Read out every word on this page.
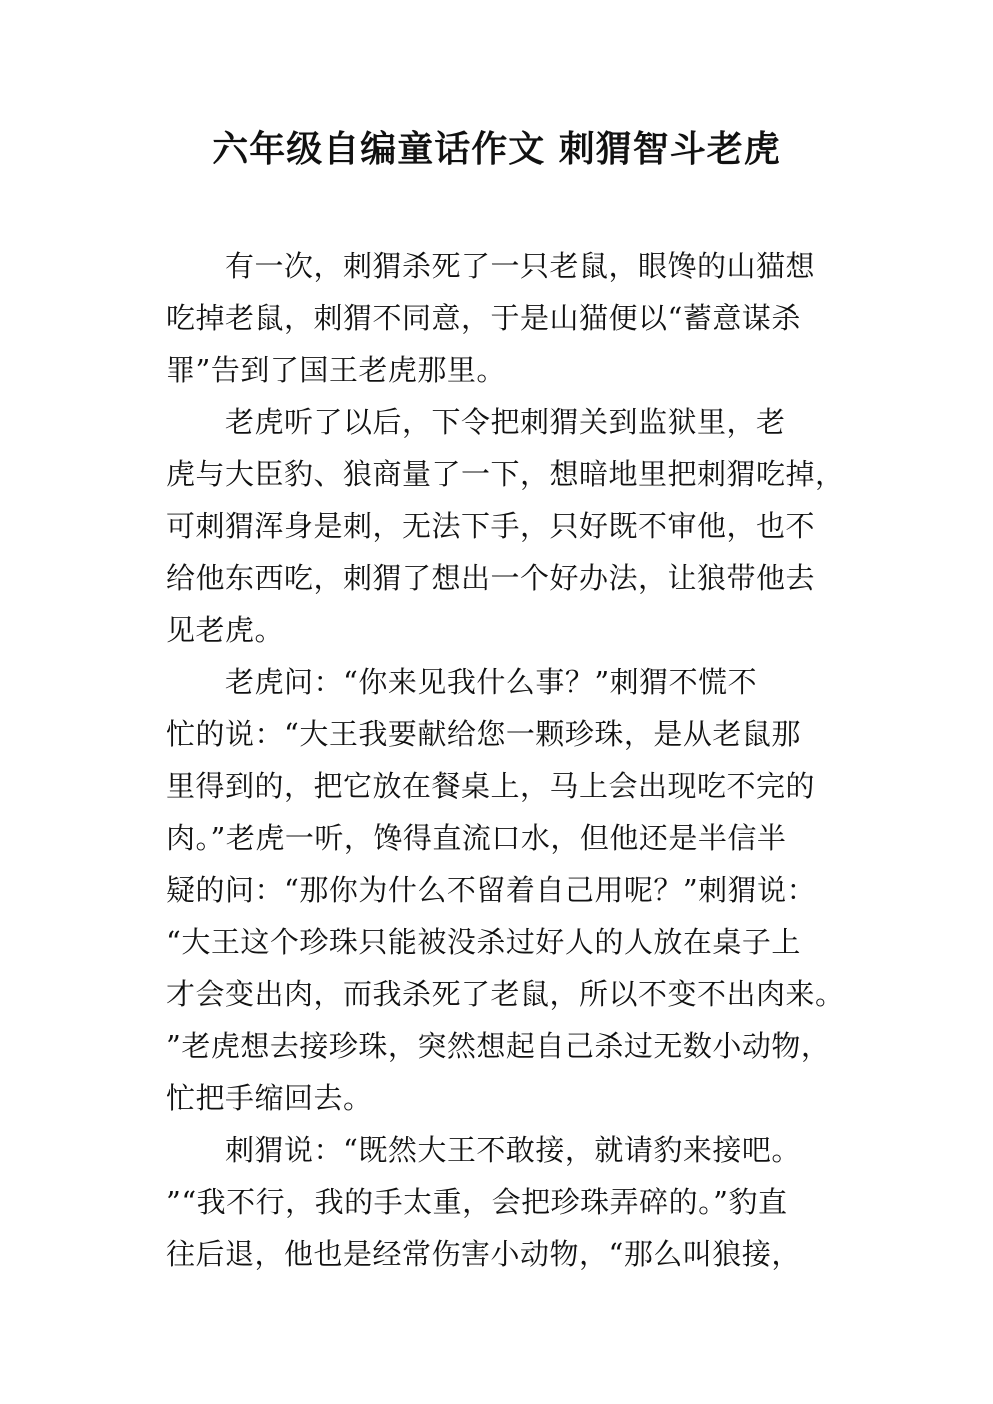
六年级自编童话作文 刺猬智斗老虎
　　有一次，刺猬杀死了一只老鼠，眼馋的山猫想
吃掉老鼠，刺猬不同意，于是山猫便以“蓄意谋杀
罪”告到了国王老虎那里。
　　老虎听了以后，下令把刺猬关到监狱里，老
虎与大臣豹、狼商量了一下，想暗地里把刺猬吃掉，
可刺猬浑身是刺，无法下手，只好既不审他，也不
给他东西吃，刺猬了想出一个好办法，让狼带他去
见老虎。
　　老虎问：“你来见我什么事？”刺猬不慌不
忙的说：“大王我要献给您一颗珍珠，是从老鼠那
里得到的，把它放在餐桌上，马上会出现吃不完的
肉。”老虎一听，馋得直流口水，但他还是半信半
疑的问：“那你为什么不留着自己用呢？”刺猬说：
“大王这个珍珠只能被没杀过好人的人放在桌子上
才会变出肉，而我杀死了老鼠，所以不变不出肉来。
”老虎想去接珍珠，突然想起自己杀过无数小动物，
忙把手缩回去。
　　刺猬说：“既然大王不敢接，就请豹来接吧。
”“我不行，我的手太重，会把珍珠弄碎的。”豹直
往后退，他也是经常伤害小动物，“那么叫狼接，
